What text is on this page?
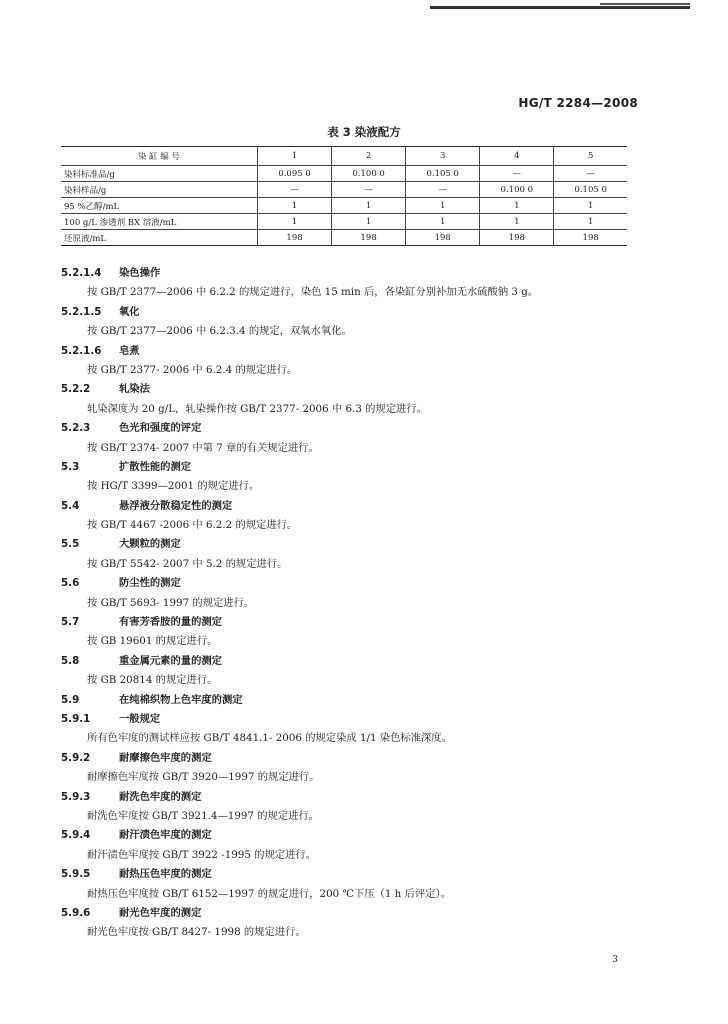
HG/T 2284—2008
表 3 染液配方
染 缸 编 号	1	2	3	4	5
染料标准品/g	0.095 0	0.100 0	0.105 0	—	—
染料样品/g	—	—	—	0.100 0	0.105 0
95 %乙醇/mL	1	1	1	1	1
100 g/L 渗透剂 BX 溶液/mL	1	1	1	1	1
还原液/mL	198	198	198	198	198
5.2.1.4 染色操作
按 GB/T 2377—2006 中 6.2.2 的规定进行，染色 15 min 后，各染缸分别补加无水硫酸钠 3 g。
5.2.1.5 氧化
按 GB/T 2377—2006 中 6.2.3.4 的规定，双氧水氧化。
5.2.1.6 皂煮
按 GB/T 2377- 2006 中 6.2.4 的规定进行。
5.2.2	轧染法
轧染深度为 20 g/L，轧染操作按 GB/T 2377- 2006 中 6.3 的规定进行。
5.2.3	色光和强度的评定
按 GB/T 2374- 2007 中第 7 章的有关规定进行。
5.3	扩散性能的测定
按 HG/T 3399—2001 的规定进行。
5.4	悬浮液分散稳定性的测定
按 GB/T 4467 -2006 中 6.2.2 的规定进行。
5.5	大颗粒的测定
按 GB/T 5542- 2007 中 5.2 的规定进行。
5.6	防尘性的测定
按 GB/T 5693- 1997 的规定进行。
5.7	有害芳香胺的量的测定
按 GB 19601 的规定进行。
5.8	重金属元素的量的测定
按 GB 20814 的规定进行。
5.9	在纯棉织物上色牢度的测定
5.9.1	一般规定
所有色牢度的测试样应按 GB/T 4841.1- 2006 的规定染成 1/1 染色标准深度。
5.9.2	耐摩擦色牢度的测定
耐摩擦色牢度按 GB/T 3920—1997 的规定进行。
5.9.3	耐洗色牢度的测定
耐洗色牢度按 GB/T 3921.4—1997 的规定进行。
5.9.4	耐汗渍色牢度的测定
耐汗渍色牢度按 GB/T 3922 -1995 的规定进行。
5.9.5	耐热压色牢度的测定
耐热压色牢度按 GB/T 6152—1997 的规定进行，200 ℃下压（1 h 后评定）。
5.9.6	耐光色牢度的测定
耐光色牢度按 GB/T 8427- 1998 的规定进行。
3
